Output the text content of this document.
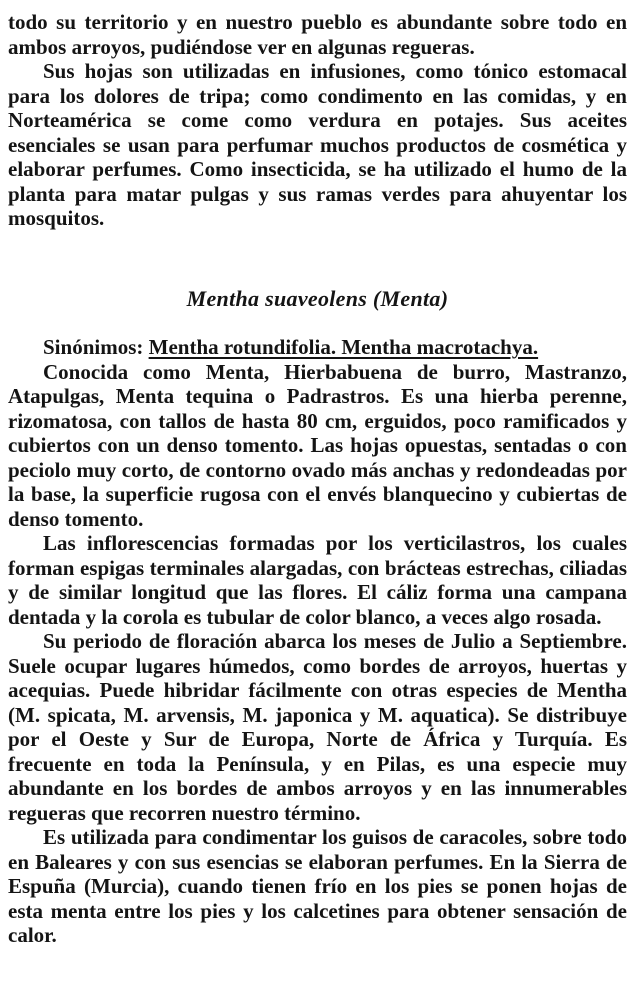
todo su territorio y en nuestro pueblo es abundante sobre todo en ambos arroyos, pudiéndose ver en algunas regueras.

Sus hojas son utilizadas en infusiones, como tónico estomacal para los dolores de tripa; como condimento en las comidas, y en Norteamérica se come como verdura en potajes. Sus aceites esenciales se usan para perfumar muchos productos de cosmética y elaborar perfumes. Como insecticida, se ha utilizado el humo de la planta para matar pulgas y sus ramas verdes para ahuyentar los mosquitos.

Mentha suaveolens (Menta)

Sinónimos: Mentha rotundifolia. Mentha macrotachya.

Conocida como Menta, Hierbabuena de burro, Mastranzo, Atapulgas, Menta tequina o Padrastros. Es una hierba perenne, rizomatosa, con tallos de hasta 80 cm, erguidos, poco ramificados y cubiertos con un denso tomento. Las hojas opuestas, sentadas o con peciolo muy corto, de contorno ovado más anchas y redondeadas por la base, la superficie rugosa con el envés blanquecino y cubiertas de denso tomento.

Las inflorescencias formadas por los verticilastros, los cuales forman espigas terminales alargadas, con brácteas estrechas, ciliadas y de similar longitud que las flores. El cáliz forma una campana dentada y la corola es tubular de color blanco, a veces algo rosada.

Su periodo de floración abarca los meses de Julio a Septiembre. Suele ocupar lugares húmedos, como bordes de arroyos, huertas y acequias. Puede hibridar fácilmente con otras especies de Mentha (M. spicata, M. arvensis, M. japonica y M. aquatica). Se distribuye por el Oeste y Sur de Europa, Norte de África y Turquía. Es frecuente en toda la Península, y en Pilas, es una especie muy abundante en los bordes de ambos arroyos y en las innumerables regueras que recorren nuestro término.

Es utilizada para condimentar los guisos de caracoles, sobre todo en Baleares y con sus esencias se elaboran perfumes. En la Sierra de Espuña (Murcia), cuando tienen frío en los pies se ponen hojas de esta menta entre los pies y los calcetines para obtener sensación de calor.
